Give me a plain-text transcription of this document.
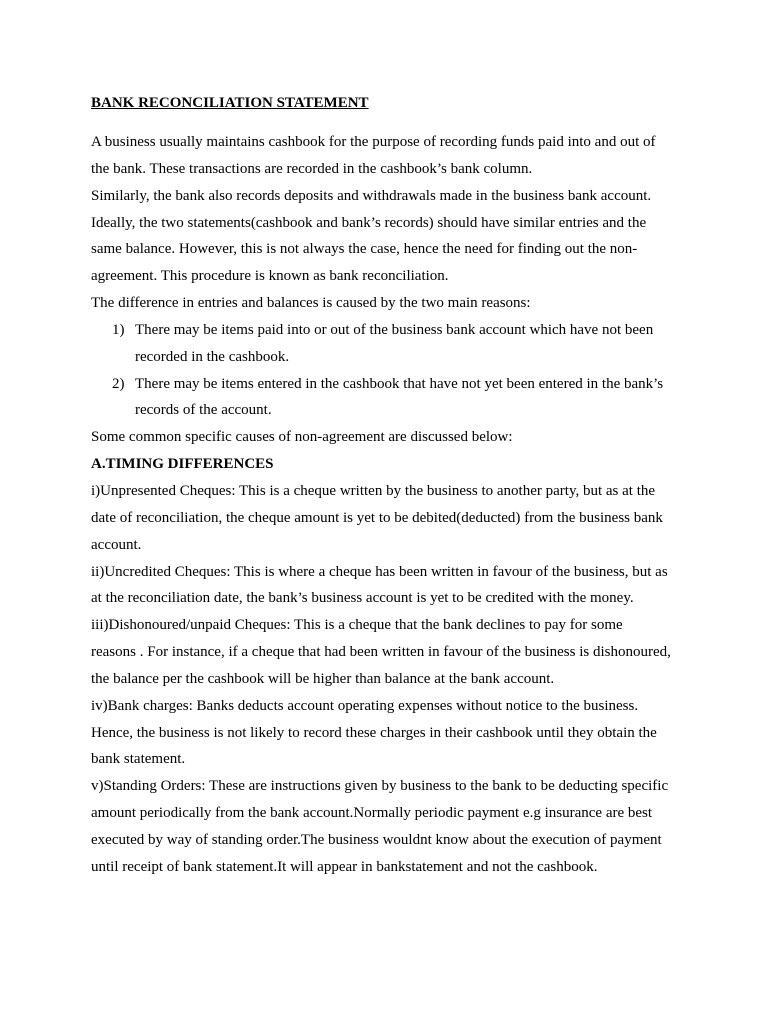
BANK RECONCILIATION STATEMENT
A business usually maintains cashbook for the purpose of recording funds paid into and out of
the bank. These transactions are recorded in the cashbook’s bank column.
Similarly, the bank also records deposits and withdrawals made in the business bank account.
Ideally, the two statements(cashbook and bank’s records) should have similar entries and the
same balance. However, this is not always the case, hence the need for finding out the non-
agreement. This procedure is known as bank reconciliation.
The difference in entries and balances is caused by the two main reasons:
1) There may be items paid into or out of the business bank account which have not been
recorded in the cashbook.
2) There may be items entered in the cashbook that have not yet been entered in the bank’s
records of the account.
Some common specific causes of non-agreement are discussed below:
A.TIMING DIFFERENCES
i)Unpresented Cheques: This is a cheque written by the business to another party, but as at the
date of reconciliation, the cheque amount is yet to be debited(deducted) from the business bank
account.
ii)Uncredited Cheques: This is where a cheque has been written in favour of the business, but as
at the reconciliation date, the bank’s business account is yet to be credited with the money.
iii)Dishonoured/unpaid Cheques: This is a cheque that the bank declines to pay for some
reasons . For instance, if a cheque that had been written in favour of the business is dishonoured,
the balance per the cashbook will be higher than balance at the bank account.
iv)Bank charges: Banks deducts account operating expenses without notice to the business.
Hence, the business is not likely to record these charges in their cashbook until they obtain the
bank statement.
v)Standing Orders: These are instructions given by business to the bank to be deducting specific
amount periodically from the bank account.Normally periodic payment e.g insurance are best
executed by way of standing order.The business wouldnt know about the execution of payment
until receipt of bank statement.It will appear in bankstatement and not the cashbook.
